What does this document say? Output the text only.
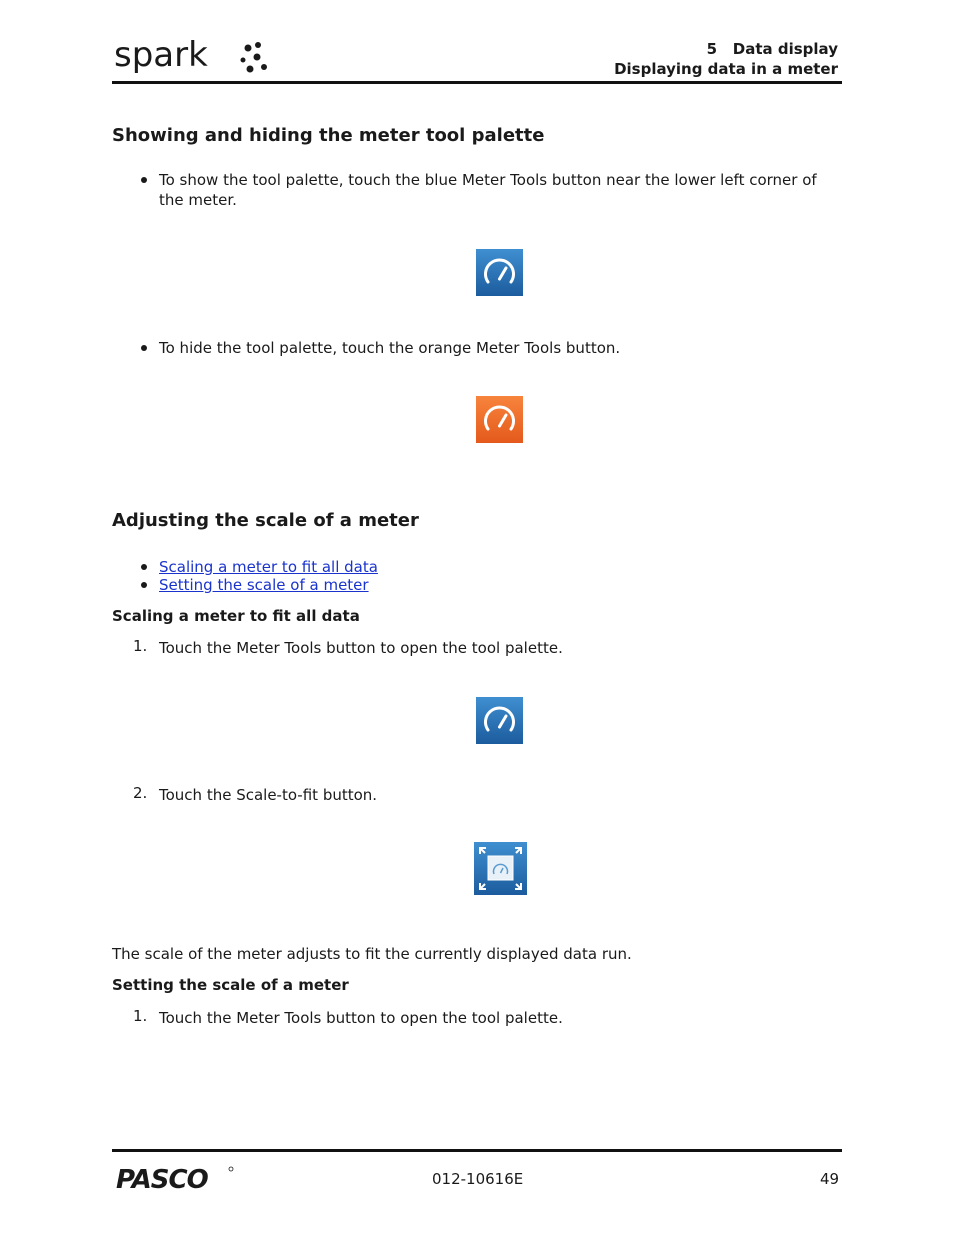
spark	5   Data display
Displaying data in a meter
Showing and hiding the meter tool palette
To show the tool palette, touch the blue Meter Tools button near the lower left corner of the meter.
To hide the tool palette, touch the orange Meter Tools button.
Adjusting the scale of a meter
Scaling a meter to fit all data
Setting the scale of a meter
Scaling a meter to fit all data
1. Touch the Meter Tools button to open the tool palette.
2. Touch the Scale-to-fit button.
The scale of the meter adjusts to fit the currently displayed data run.
Setting the scale of a meter
1. Touch the Meter Tools button to open the tool palette.
PASCO	012-10616E	49
